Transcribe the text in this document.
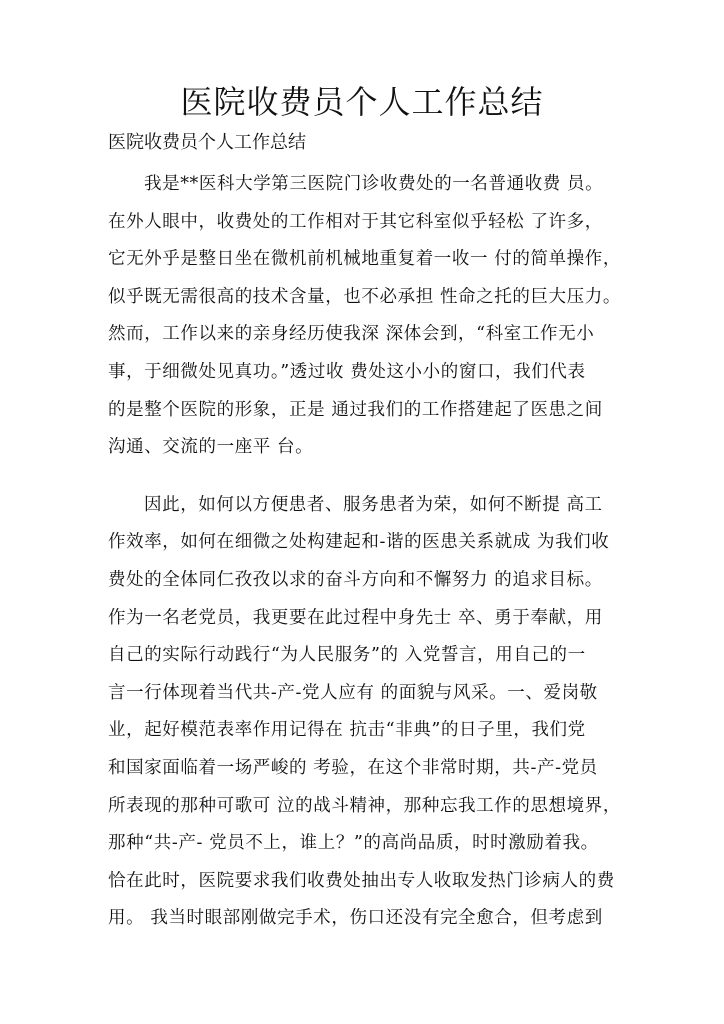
医院收费员个人工作总结

医院收费员个人工作总结

我是**医科大学第三医院门诊收费处的一名普通收费 员。
在外人眼中，收费处的工作相对于其它科室似乎轻松 了许多，
它无外乎是整日坐在微机前机械地重复着一收一 付的简单操作，
似乎既无需很高的技术含量，也不必承担 性命之托的巨大压力。
然而，工作以来的亲身经历使我深 深体会到，“科室工作无小
事，于细微处见真功。”透过收 费处这小小的窗口，我们代表
的是整个医院的形象，正是 通过我们的工作搭建起了医患之间
沟通、交流的一座平 台。
因此，如何以方便患者、服务患者为荣，如何不断提 高工
作效率，如何在细微之处构建起和-谐的医患关系就成 为我们收
费处的全体同仁孜孜以求的奋斗方向和不懈努力 的追求目标。
作为一名老党员，我更要在此过程中身先士 卒、勇于奉献，用
自己的实际行动践行“为人民服务”的 入党誓言，用自己的一
言一行体现着当代共-产-党人应有 的面貌与风采。一、爱岗敬
业，起好模范表率作用记得在 抗击“非典”的日子里，我们党
和国家面临着一场严峻的 考验，在这个非常时期，共-产-党员
所表现的那种可歌可 泣的战斗精神，那种忘我工作的思想境界，
那种“共-产- 党员不上，谁上？”的高尚品质，时时激励着我。
恰在此时，医院要求我们收费处抽出专人收取发热门诊病人的费
用。 我当时眼部刚做完手术，伤口还没有完全愈合，但考虑到
